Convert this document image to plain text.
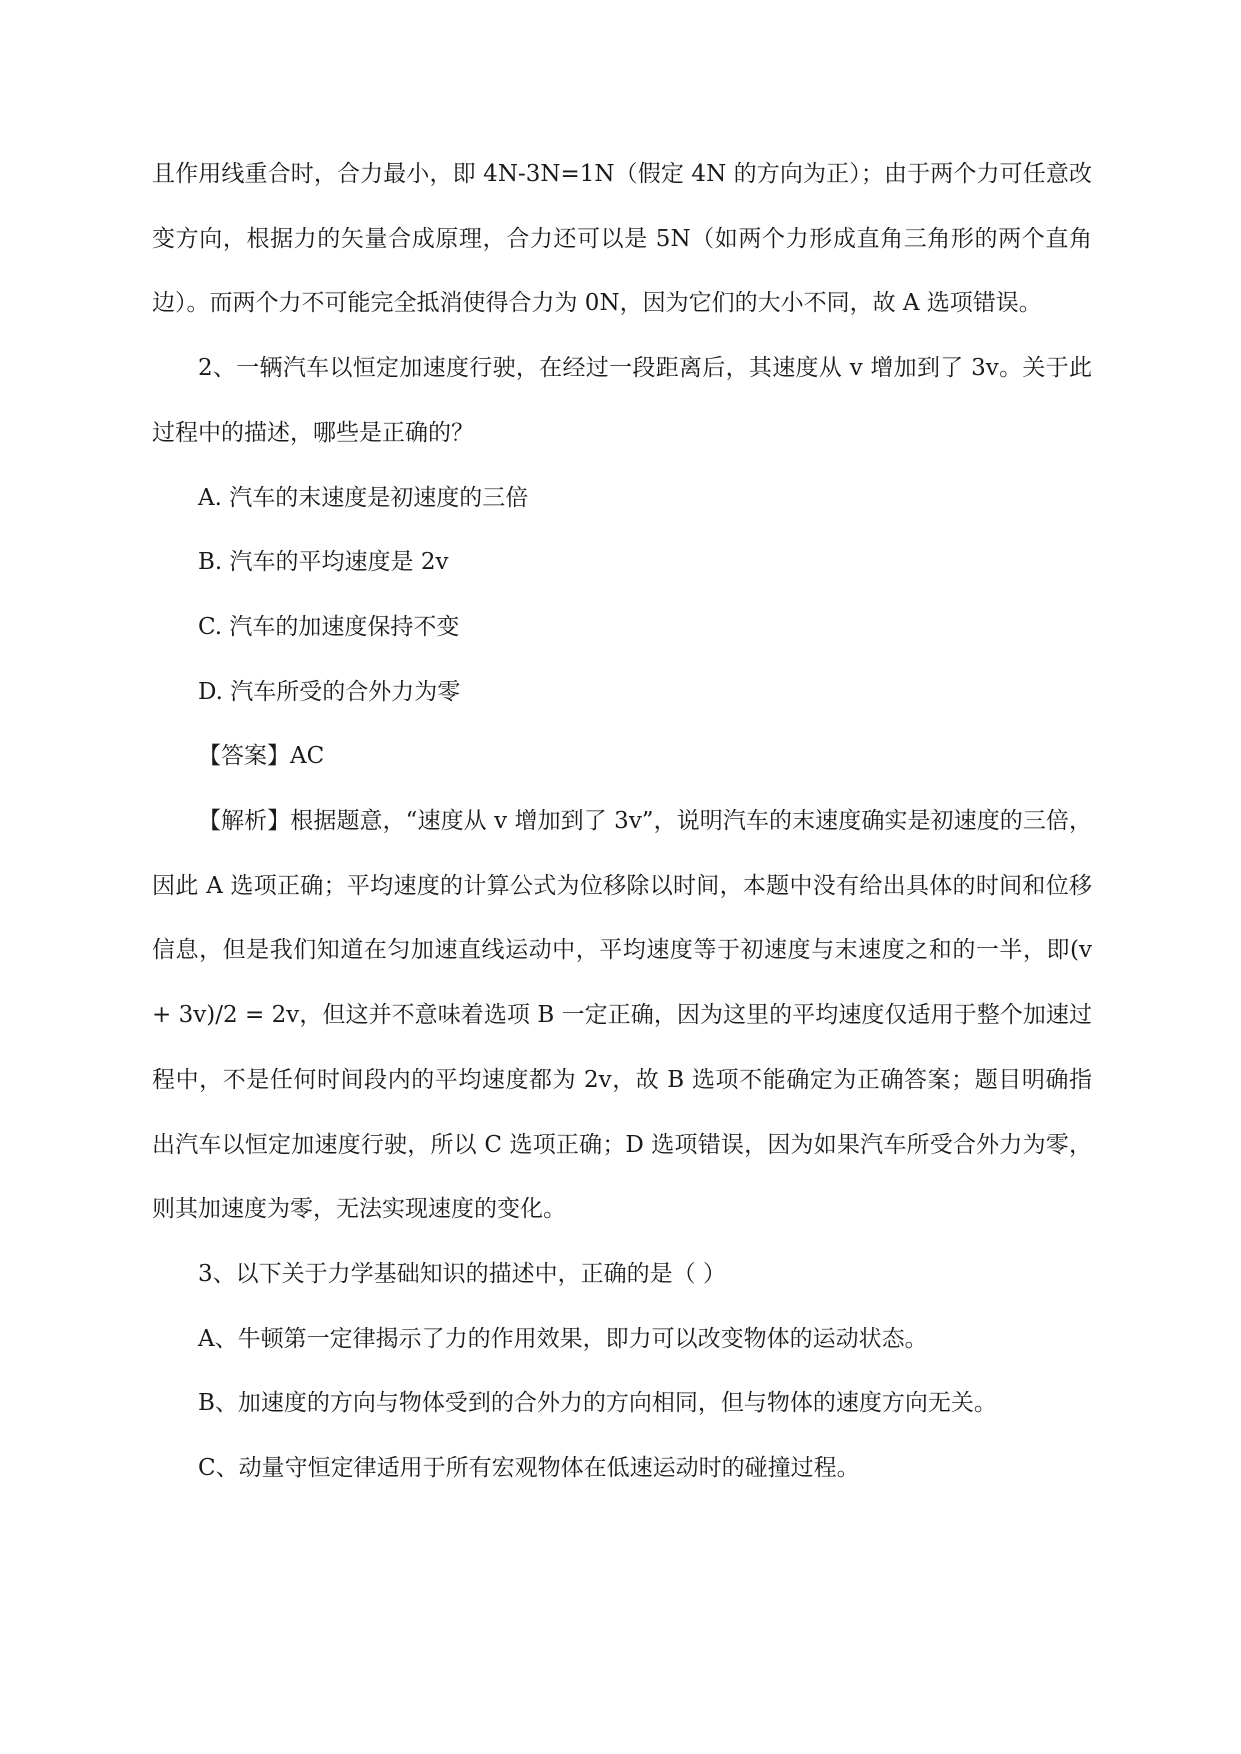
且作用线重合时，合力最小，即 4N-3N=1N（假定 4N 的方向为正）；由于两个力可任意改变方向，根据力的矢量合成原理，合力还可以是 5N（如两个力形成直角三角形的两个直角边）。而两个力不可能完全抵消使得合力为 0N，因为它们的大小不同，故 A 选项错误。

2、一辆汽车以恒定加速度行驶，在经过一段距离后，其速度从 v 增加到了 3v。关于此过程中的描述，哪些是正确的？

A. 汽车的末速度是初速度的三倍

B. 汽车的平均速度是 2v

C. 汽车的加速度保持不变

D. 汽车所受的合外力为零

【答案】AC

【解析】根据题意，“速度从 v 增加到了 3v”，说明汽车的末速度确实是初速度的三倍，因此 A 选项正确；平均速度的计算公式为位移除以时间，本题中没有给出具体的时间和位移信息，但是我们知道在匀加速直线运动中，平均速度等于初速度与末速度之和的一半，即(v + 3v)/2 = 2v，但这并不意味着选项 B 一定正确，因为这里的平均速度仅适用于整个加速过程中，不是任何时间段内的平均速度都为 2v，故 B 选项不能确定为正确答案；题目明确指出汽车以恒定加速度行驶，所以 C 选项正确；D 选项错误，因为如果汽车所受合外力为零，则其加速度为零，无法实现速度的变化。

3、以下关于力学基础知识的描述中，正确的是（ ）

A、牛顿第一定律揭示了力的作用效果，即力可以改变物体的运动状态。

B、加速度的方向与物体受到的合外力的方向相同，但与物体的速度方向无关。

C、动量守恒定律适用于所有宏观物体在低速运动时的碰撞过程。
